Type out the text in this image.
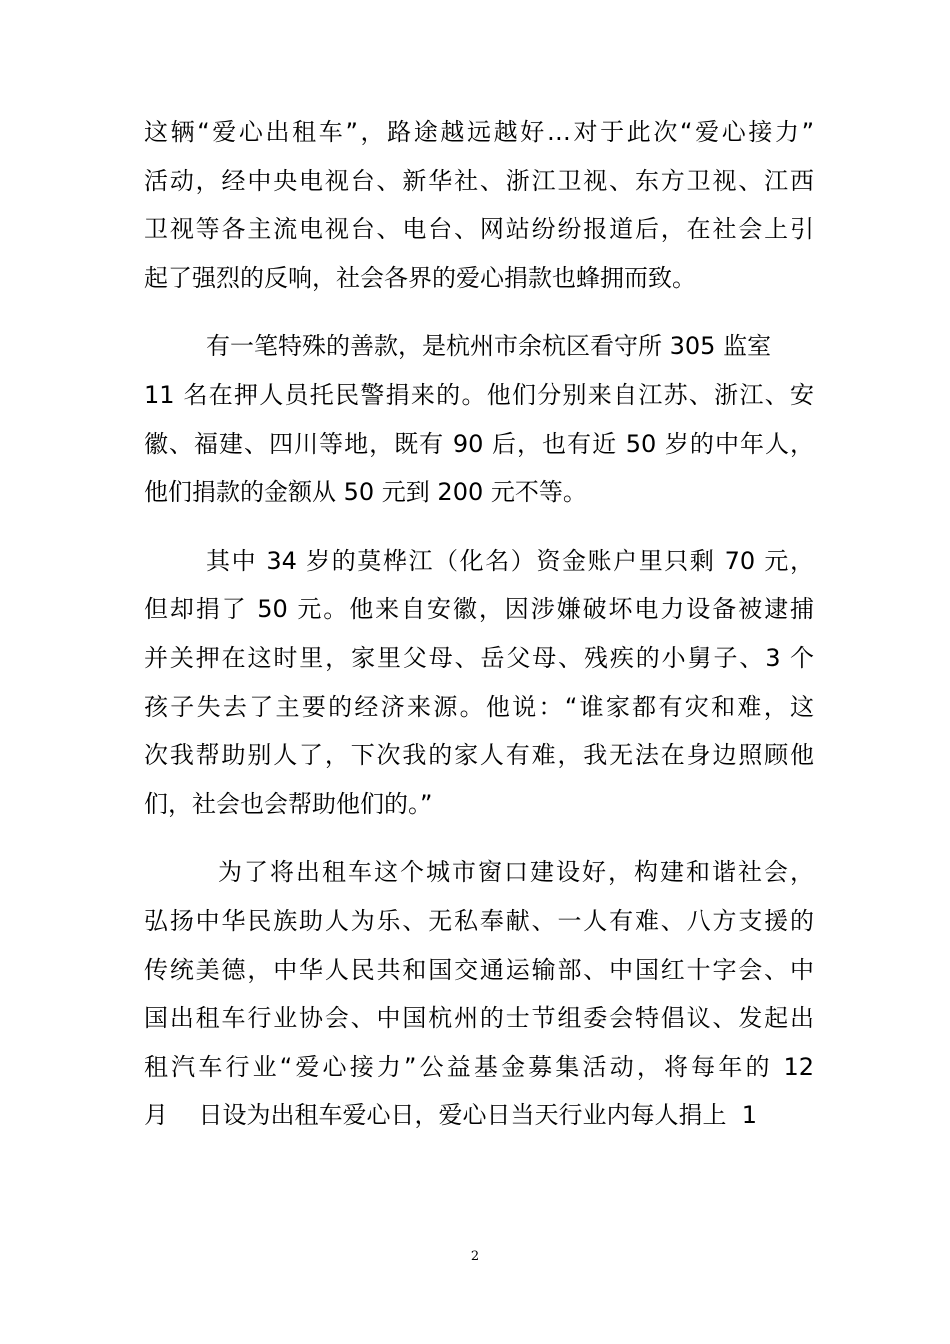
这辆“爱心出租车”，路途越远越好…对于此次“爱心接力”
活动，经中央电视台、新华社、浙江卫视、东方卫视、江西
卫视等各主流电视台、电台、网站纷纷报道后，在社会上引
起了强烈的反响，社会各界的爱心捐款也蜂拥而致。
有一笔特殊的善款，是杭州市余杭区看守所 305 监室
11 名在押人员托民警捐来的。他们分别来自江苏、浙江、安
徽、福建、四川等地，既有 90 后，也有近 50 岁的中年人，
他们捐款的金额从 50 元到 200 元不等。
其中 34 岁的莫桦江（化名）资金账户里只剩 70 元，
但却捐了 50 元。他来自安徽，因涉嫌破坏电力设备被逮捕
并关押在这时里，家里父母、岳父母、残疾的小舅子、3 个
孩子失去了主要的经济来源。他说：“谁家都有灾和难，这
次我帮助别人了，下次我的家人有难，我无法在身边照顾他
们，社会也会帮助他们的。”
为了将出租车这个城市窗口建设好，构建和谐社会，
弘扬中华民族助人为乐、无私奉献、一人有难、八方支援的
传统美德，中华人民共和国交通运输部、中国红十字会、中
国出租车行业协会、中国杭州的士节组委会特倡议、发起出
租汽车行业“爱心接力”公益基金募集活动，将每年的 12
月    日设为出租车爱心日，爱心日当天行业内每人捐上  1
2
